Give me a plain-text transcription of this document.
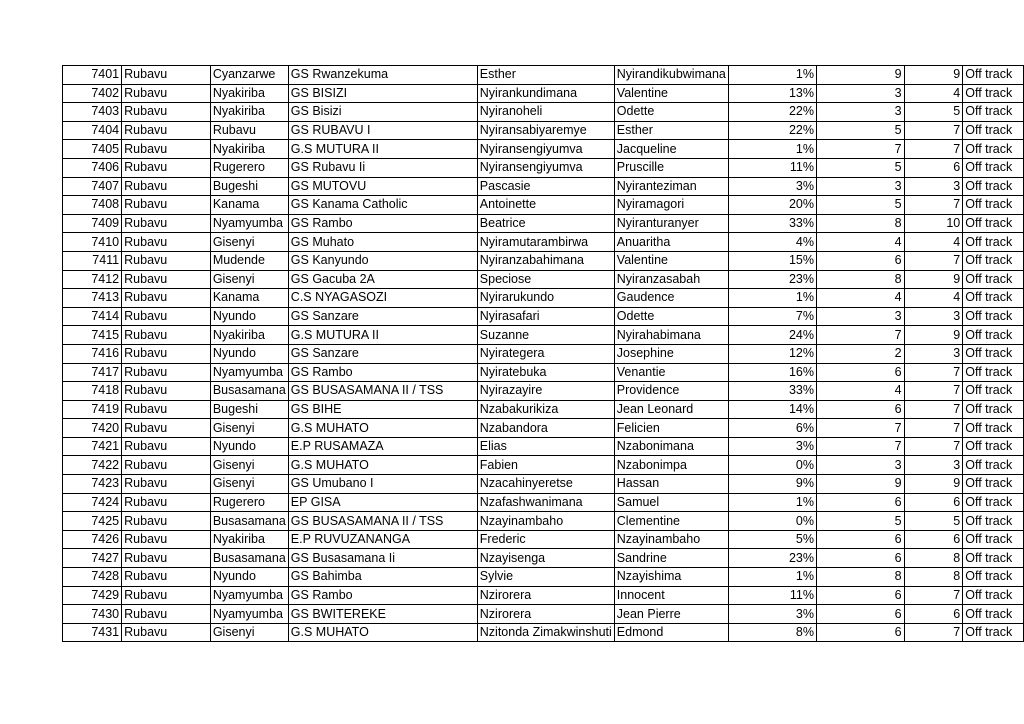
7401	Rubavu	Cyanzarwe	GS Rwanzekuma	Esther	Nyirandikubwimana	1%	9	9	Off track
7402	Rubavu	Nyakiriba	GS BISIZI	Nyirankundimana	Valentine	13%	3	4	Off track
7403	Rubavu	Nyakiriba	GS Bisizi	Nyiranoheli	Odette	22%	3	5	Off track
7404	Rubavu	Rubavu	GS RUBAVU I	Nyiransabiyaremye	Esther	22%	5	7	Off track
7405	Rubavu	Nyakiriba	G.S MUTURA II	Nyiransengiyumva	Jacqueline	1%	7	7	Off track
7406	Rubavu	Rugerero	GS Rubavu Ii	Nyiransengiyumva	Pruscille	11%	5	6	Off track
7407	Rubavu	Bugeshi	GS MUTOVU	Pascasie	Nyiranteziman	3%	3	3	Off track
7408	Rubavu	Kanama	GS Kanama Catholic	Antoinette	Nyiramagori	20%	5	7	Off track
7409	Rubavu	Nyamyumba	GS Rambo	Beatrice	Nyiranturanyer	33%	8	10	Off track
7410	Rubavu	Gisenyi	GS Muhato	Nyiramutarambirwa	Anuaritha	4%	4	4	Off track
7411	Rubavu	Mudende	GS Kanyundo	Nyiranzabahimana	Valentine	15%	6	7	Off track
7412	Rubavu	Gisenyi	GS Gacuba 2A	Speciose	Nyiranzasabah	23%	8	9	Off track
7413	Rubavu	Kanama	C.S NYAGASOZI	Nyirarukundo	Gaudence	1%	4	4	Off track
7414	Rubavu	Nyundo	GS Sanzare	Nyirasafari	Odette	7%	3	3	Off track
7415	Rubavu	Nyakiriba	G.S MUTURA II	Suzanne	Nyirahabimana	24%	7	9	Off track
7416	Rubavu	Nyundo	GS Sanzare	Nyirategera	Josephine	12%	2	3	Off track
7417	Rubavu	Nyamyumba	GS Rambo	Nyiratebuka	Venantie	16%	6	7	Off track
7418	Rubavu	Busasamana	GS BUSASAMANA II / TSS	Nyirazayire	Providence	33%	4	7	Off track
7419	Rubavu	Bugeshi	GS BIHE	Nzabakurikiza	Jean Leonard	14%	6	7	Off track
7420	Rubavu	Gisenyi	G.S MUHATO	Nzabandora	Felicien	6%	7	7	Off track
7421	Rubavu	Nyundo	E.P RUSAMAZA	Elias	Nzabonimana	3%	7	7	Off track
7422	Rubavu	Gisenyi	G.S MUHATO	Fabien	Nzabonimpa	0%	3	3	Off track
7423	Rubavu	Gisenyi	GS Umubano I	Nzacahinyeretse	Hassan	9%	9	9	Off track
7424	Rubavu	Rugerero	EP GISA	Nzafashwanimana	Samuel	1%	6	6	Off track
7425	Rubavu	Busasamana	GS BUSASAMANA II / TSS	Nzayinambaho	Clementine	0%	5	5	Off track
7426	Rubavu	Nyakiriba	E.P RUVUZANANGA	Frederic	Nzayinambaho	5%	6	6	Off track
7427	Rubavu	Busasamana	GS Busasamana Ii	Nzayisenga	Sandrine	23%	6	8	Off track
7428	Rubavu	Nyundo	GS Bahimba	Sylvie	Nzayishima	1%	8	8	Off track
7429	Rubavu	Nyamyumba	GS Rambo	Nzirorera	Innocent	11%	6	7	Off track
7430	Rubavu	Nyamyumba	GS BWITEREKE	Nzirorera	Jean Pierre	3%	6	6	Off track
7431	Rubavu	Gisenyi	G.S MUHATO	Nzitonda Zimakwinshuti	Edmond	8%	6	7	Off track
